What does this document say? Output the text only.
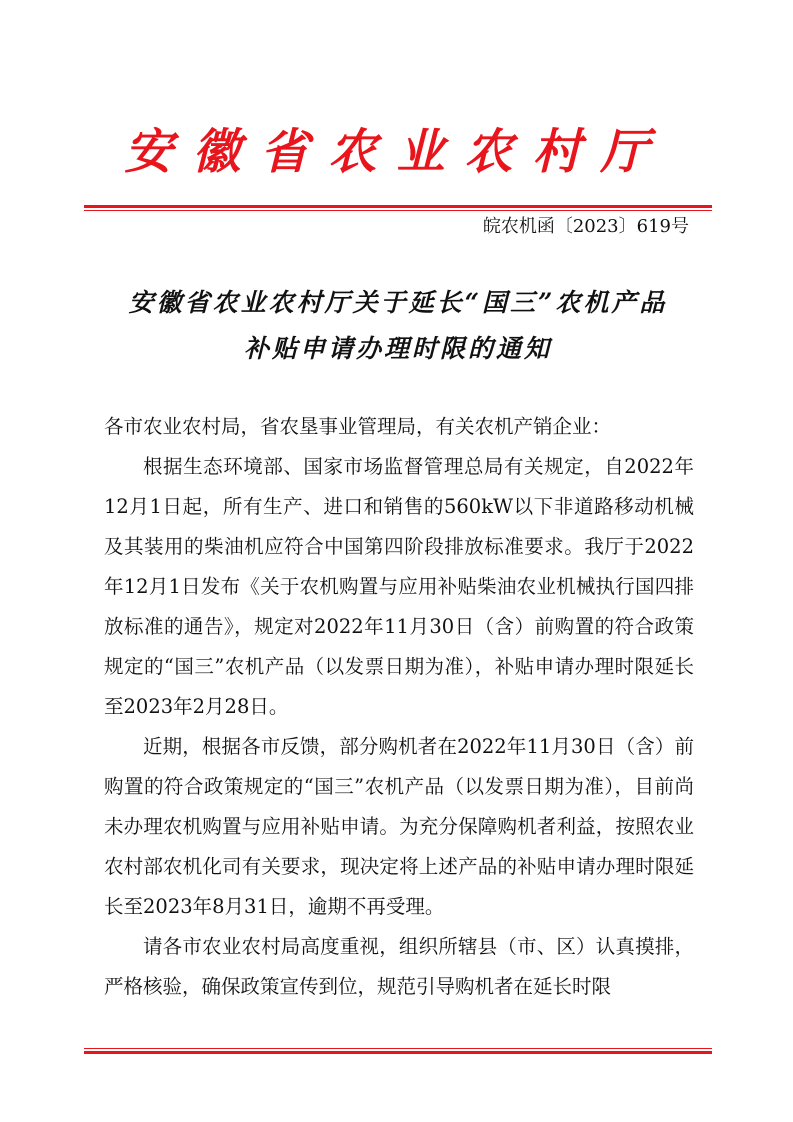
安徽省农业农村厅
皖农机函〔2023〕619号
安徽省农业农村厅关于延长“国三”农机产品
补贴申请办理时限的通知

各市农业农村局，省农垦事业管理局，有关农机产销企业：

根据生态环境部、国家市场监督管理总局有关规定，自2022年12月1日起，所有生产、进口和销售的560kW以下非道路移动机械及其装用的柴油机应符合中国第四阶段排放标准要求。我厅于2022年12月1日发布《关于农机购置与应用补贴柴油农业机械执行国四排放标准的通告》，规定对2022年11月30日（含）前购置的符合政策规定的“国三”农机产品（以发票日期为准），补贴申请办理时限延长至2023年2月28日。

近期，根据各市反馈，部分购机者在2022年11月30日（含）前购置的符合政策规定的“国三”农机产品（以发票日期为准），目前尚未办理农机购置与应用补贴申请。为充分保障购机者利益，按照农业农村部农机化司有关要求，现决定将上述产品的补贴申请办理时限延长至2023年8月31日，逾期不再受理。

请各市农业农村局高度重视，组织所辖县（市、区）认真摸排，严格核验，确保政策宣传到位，规范引导购机者在延长时限
